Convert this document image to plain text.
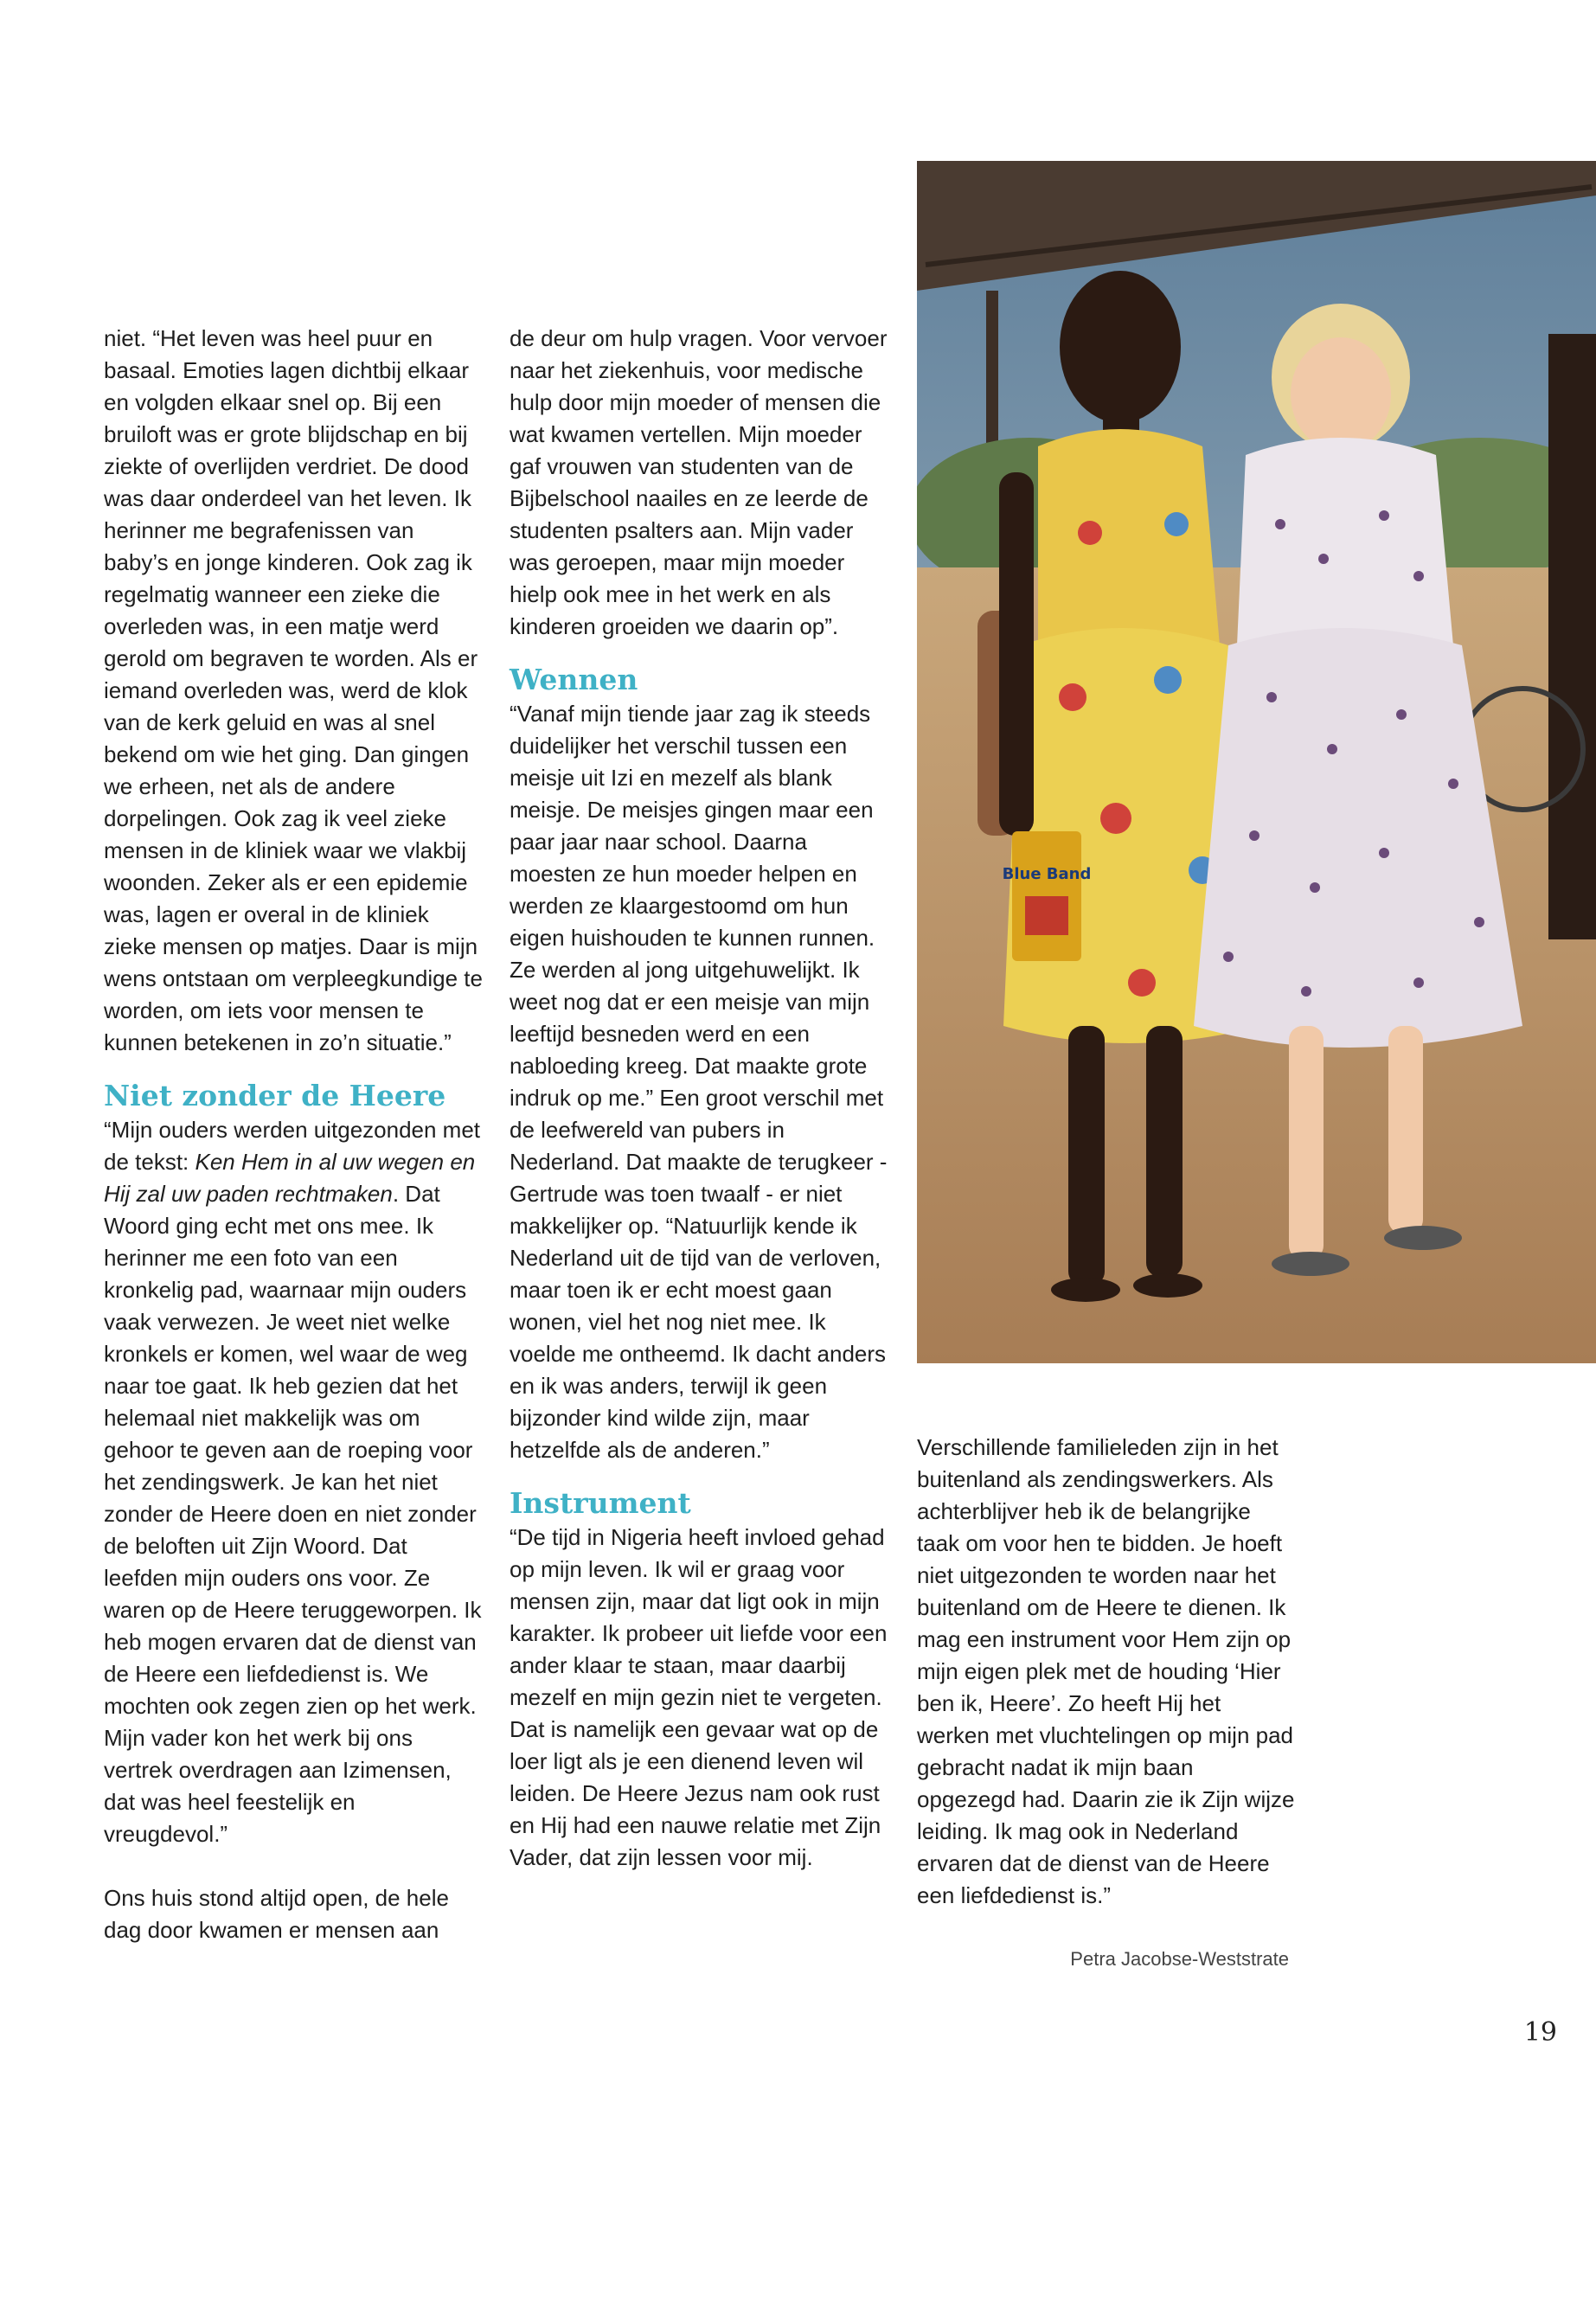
niet. “Het leven was heel puur en basaal. Emoties lagen dichtbij elkaar en volgden elkaar snel op. Bij een bruiloft was er grote blijdschap en bij ziekte of overlijden verdriet. De dood was daar onderdeel van het leven. Ik herinner me begrafenissen van baby’s en jonge kinderen. Ook zag ik regelmatig wanneer een zieke die overleden was, in een matje werd gerold om begraven te worden. Als er iemand overleden was, werd de klok van de kerk geluid en was al snel bekend om wie het ging. Dan gingen we erheen, net als de andere dorpelingen. Ook zag ik veel zieke mensen in de kliniek waar we vlakbij woonden. Zeker als er een epidemie was, lagen er overal in de kliniek zieke mensen op matjes. Daar is mijn wens ontstaan om verpleegkundige te worden, om iets voor mensen te kunnen betekenen in zo’n situatie.”

Niet zonder de Heere

“Mijn ouders werden uitgezonden met de tekst: Ken Hem in al uw wegen en Hij zal uw paden rechtmaken. Dat Woord ging echt met ons mee. Ik herinner me een foto van een kronkelig pad, waarnaar mijn ouders vaak verwezen. Je weet niet welke kronkels er komen, wel waar de weg naar toe gaat. Ik heb gezien dat het helemaal niet makkelijk was om gehoor te geven aan de roeping voor het zendingswerk. Je kan het niet zonder de Heere doen en niet zonder de beloften uit Zijn Woord. Dat leefden mijn ouders ons voor. Ze waren op de Heere teruggeworpen. Ik heb mogen ervaren dat de dienst van de Heere een liefdedienst is. We mochten ook zegen zien op het werk. Mijn vader kon het werk bij ons vertrek overdragen aan Izimensen, dat was heel feestelijk en vreugdevol.”

Ons huis stond altijd open, de hele dag door kwamen er mensen aan

de deur om hulp vragen. Voor vervoer naar het ziekenhuis, voor medische hulp door mijn moeder of mensen die wat kwamen vertellen. Mijn moeder gaf vrouwen van studenten van de Bijbelschool naailes en ze leerde de studenten psalters aan. Mijn vader was geroepen, maar mijn moeder hielp ook mee in het werk en als kinderen groeiden we daarin op”.

Wennen

“Vanaf mijn tiende jaar zag ik steeds duidelijker het verschil tussen een meisje uit Izi en mezelf als blank meisje. De meisjes gingen maar een paar jaar naar school. Daarna moesten ze hun moeder helpen en werden ze klaargestoomd om hun eigen huishouden te kunnen runnen. Ze werden al jong uitgehuwelijkt. Ik weet nog dat er een meisje van mijn leeftijd besneden werd en een nabloeding kreeg. Dat maakte grote indruk op me.” Een groot verschil met de leefwereld van pubers in Nederland. Dat maakte de terugkeer - Gertrude was toen twaalf - er niet makkelijker op. “Natuurlijk kende ik Nederland uit de tijd van de verloven, maar toen ik er echt moest gaan wonen, viel het nog niet mee. Ik voelde me ontheemd. Ik dacht anders en ik was anders, terwijl ik geen bijzonder kind wilde zijn, maar hetzelfde als de anderen.”

Instrument

“De tijd in Nigeria heeft invloed gehad op mijn leven. Ik wil er graag voor mensen zijn, maar dat ligt ook in mijn karakter. Ik probeer uit liefde voor een ander klaar te staan, maar daarbij mezelf en mijn gezin niet te vergeten. Dat is namelijk een gevaar wat op de loer ligt als je een dienend leven wil leiden. De Heere Jezus nam ook rust en Hij had een nauwe relatie met Zijn Vader, dat zijn lessen voor mij.

Blue Band

Verschillende familieleden zijn in het buitenland als zendingswerkers. Als achterblijver heb ik de belangrijke taak om voor hen te bidden. Je hoeft niet uitgezonden te worden naar het buitenland om de Heere te dienen. Ik mag een instrument voor Hem zijn op mijn eigen plek met de houding ‘Hier ben ik, Heere’. Zo heeft Hij het werken met vluchtelingen op mijn pad gebracht nadat ik mijn baan opgezegd had. Daarin zie ik Zijn wijze leiding. Ik mag ook in Nederland ervaren dat de dienst van de Heere een liefdedienst is.”

Petra Jacobse-Weststrate
19
